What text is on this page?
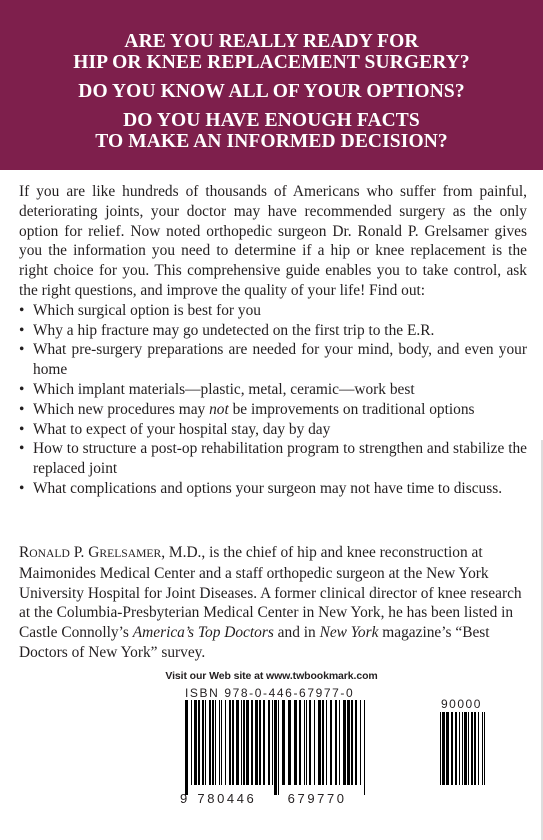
ARE YOU REALLY READY FOR
HIP OR KNEE REPLACEMENT SURGERY?
DO YOU KNOW ALL OF YOUR OPTIONS?
DO YOU HAVE ENOUGH FACTS
TO MAKE AN INFORMED DECISION?

If you are like hundreds of thousands of Americans who suffer from painful, deteriorating joints, your doctor may have recommended surgery as the only option for relief. Now noted orthopedic surgeon Dr. Ronald P. Grelsamer gives you the information you need to determine if a hip or knee replacement is the right choice for you. This comprehensive guide enables you to take control, ask the right questions, and improve the quality of your life! Find out:

• Which surgical option is best for you
• Why a hip fracture may go undetected on the first trip to the E.R.
• What pre-surgery preparations are needed for your mind, body, and even your home
• Which implant materials—plastic, metal, ceramic—work best
• Which new procedures may not be improvements on traditional options
• What to expect of your hospital stay, day by day
• How to structure a post-op rehabilitation program to strengthen and stabilize the replaced joint
• What complications and options your surgeon may not have time to discuss.
RONALD P. GRELSAMER, M.D., is the chief of hip and knee reconstruction at Maimonides Medical Center and a staff orthopedic surgeon at the New York University Hospital for Joint Diseases. A former clinical director of knee research at the Columbia-Presbyterian Medical Center in New York, he has been listed in Castle Connolly’s America’s Top Doctors and in New York magazine’s “Best Doctors of New York” survey.
Visit our Web site at www.twbookmark.com
ISBN 978-0-446-67977-0
90000
9 780446	679770
